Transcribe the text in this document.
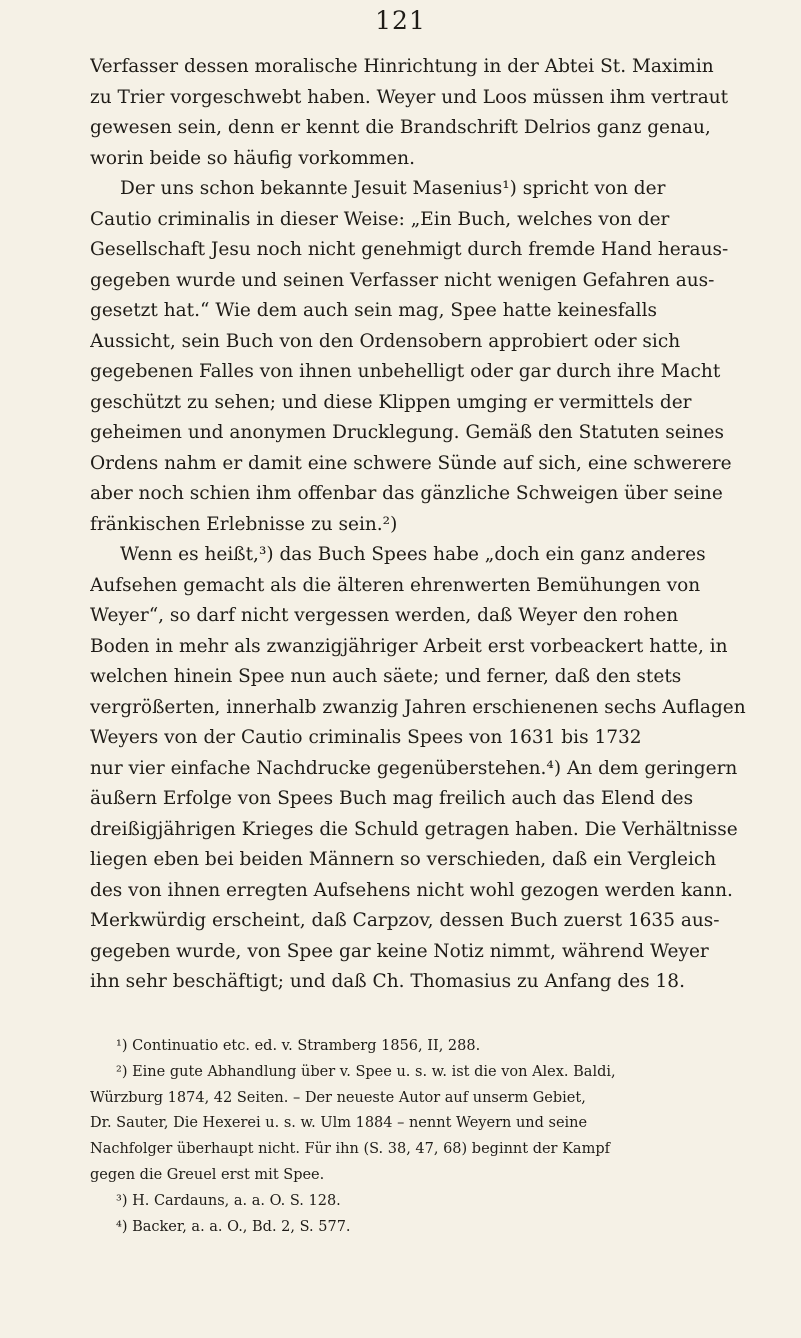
121
Verfasser dessen moralische Hinrichtung in der Abtei St. Maximin
zu Trier vorgeschwebt haben. Weyer und Loos müssen ihm vertraut
gewesen sein, denn er kennt die Brandschrift Delrios ganz genau,
worin beide so häufig vorkommen.
Der uns schon bekannte Jesuit Masenius¹) spricht von der
Cautio criminalis in dieser Weise: „Ein Buch, welches von der
Gesellschaft Jesu noch nicht genehmigt durch fremde Hand heraus-
gegeben wurde und seinen Verfasser nicht wenigen Gefahren aus-
gesetzt hat.“ Wie dem auch sein mag, Spee hatte keinesfalls
Aussicht, sein Buch von den Ordensobern approbiert oder sich
gegebenen Falles von ihnen unbehelligt oder gar durch ihre Macht
geschützt zu sehen; und diese Klippen umging er vermittels der
geheimen und anonymen Drucklegung. Gemäß den Statuten seines
Ordens nahm er damit eine schwere Sünde auf sich, eine schwerere
aber noch schien ihm offenbar das gänzliche Schweigen über seine
fränkischen Erlebnisse zu sein.²)
Wenn es heißt,³) das Buch Spees habe „doch ein ganz anderes
Aufsehen gemacht als die älteren ehrenwerten Bemühungen von
Weyer“, so darf nicht vergessen werden, daß Weyer den rohen
Boden in mehr als zwanzigjähriger Arbeit erst vorbeackert hatte, in
welchen hinein Spee nun auch säete; und ferner, daß den stets
vergrößerten, innerhalb zwanzig Jahren erschienenen sechs Auflagen
Weyers von der Cautio criminalis Spees von 1631 bis 1732
nur vier einfache Nachdrucke gegenüberstehen.⁴) An dem geringern
äußern Erfolge von Spees Buch mag freilich auch das Elend des
dreißigjährigen Krieges die Schuld getragen haben. Die Verhältnisse
liegen eben bei beiden Männern so verschieden, daß ein Vergleich
des von ihnen erregten Aufsehens nicht wohl gezogen werden kann.
Merkwürdig erscheint, daß Carpzov, dessen Buch zuerst 1635 aus-
gegeben wurde, von Spee gar keine Notiz nimmt, während Weyer
ihn sehr beschäftigt; und daß Ch. Thomasius zu Anfang des 18.
¹) Continuatio etc. ed. v. Stramberg 1856, II, 288.
²) Eine gute Abhandlung über v. Spee u. s. w. ist die von Alex. Baldi,
Würzburg 1874, 42 Seiten. – Der neueste Autor auf unserm Gebiet,
Dr. Sauter, Die Hexerei u. s. w. Ulm 1884 – nennt Weyern und seine
Nachfolger überhaupt nicht. Für ihn (S. 38, 47, 68) beginnt der Kampf
gegen die Greuel erst mit Spee.
³) H. Cardauns, a. a. O. S. 128.
⁴) Backer, a. a. O., Bd. 2, S. 577.
